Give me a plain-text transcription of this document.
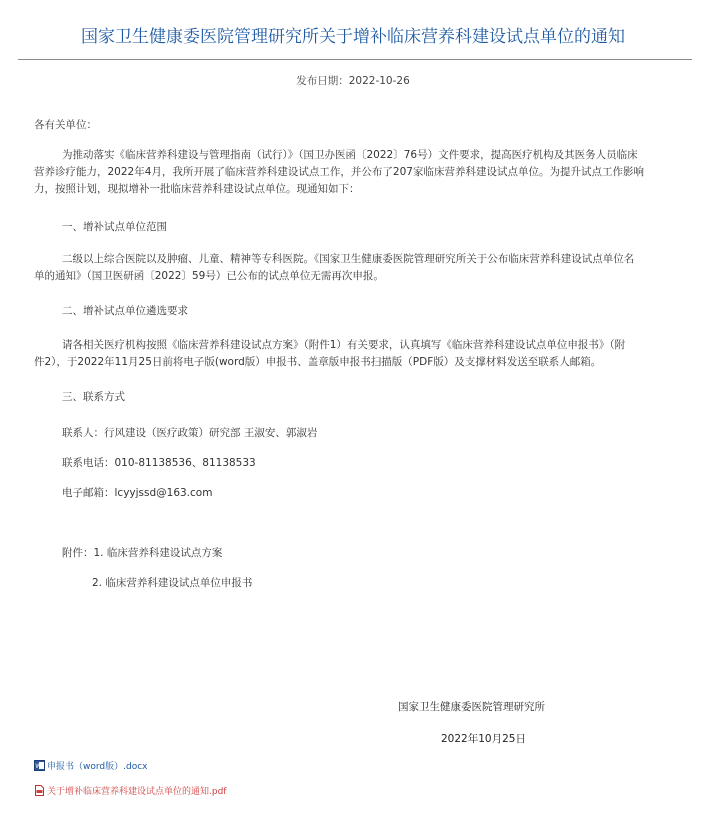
国家卫生健康委医院管理研究所关于增补临床营养科建设试点单位的通知
发布日期：2022-10-26
各有关单位：
为推动落实《临床营养科建设与管理指南（试行）》（国卫办医函〔2022〕76号）文件要求，提高医疗机构及其医务人员临床
营养诊疗能力，2022年4月，我所开展了临床营养科建设试点工作，并公布了207家临床营养科建设试点单位。为提升试点工作影响
力，按照计划，现拟增补一批临床营养科建设试点单位。现通知如下：
一、增补试点单位范围
二级以上综合医院以及肿瘤、儿童、精神等专科医院。《国家卫生健康委医院管理研究所关于公布临床营养科建设试点单位名
单的通知》（国卫医研函〔2022〕59号）已公布的试点单位无需再次申报。
二、增补试点单位遴选要求
请各相关医疗机构按照《临床营养科建设试点方案》（附件1）有关要求，认真填写《临床营养科建设试点单位申报书》（附
件2），于2022年11月25日前将电子版(word版）申报书、盖章版申报书扫描版（PDF版）及支撑材料发送至联系人邮箱。
三、联系方式
联系人：行风建设（医疗政策）研究部 王淑安、郭淑岩
联系电话：010-81138536、81138533
电子邮箱：lcyyjssd@163.com
附件：1. 临床营养科建设试点方案
2. 临床营养科建设试点单位申报书
国家卫生健康委医院管理研究所
2022年10月25日
W 申报书（word版）.docx
关于增补临床营养科建设试点单位的通知.pdf
